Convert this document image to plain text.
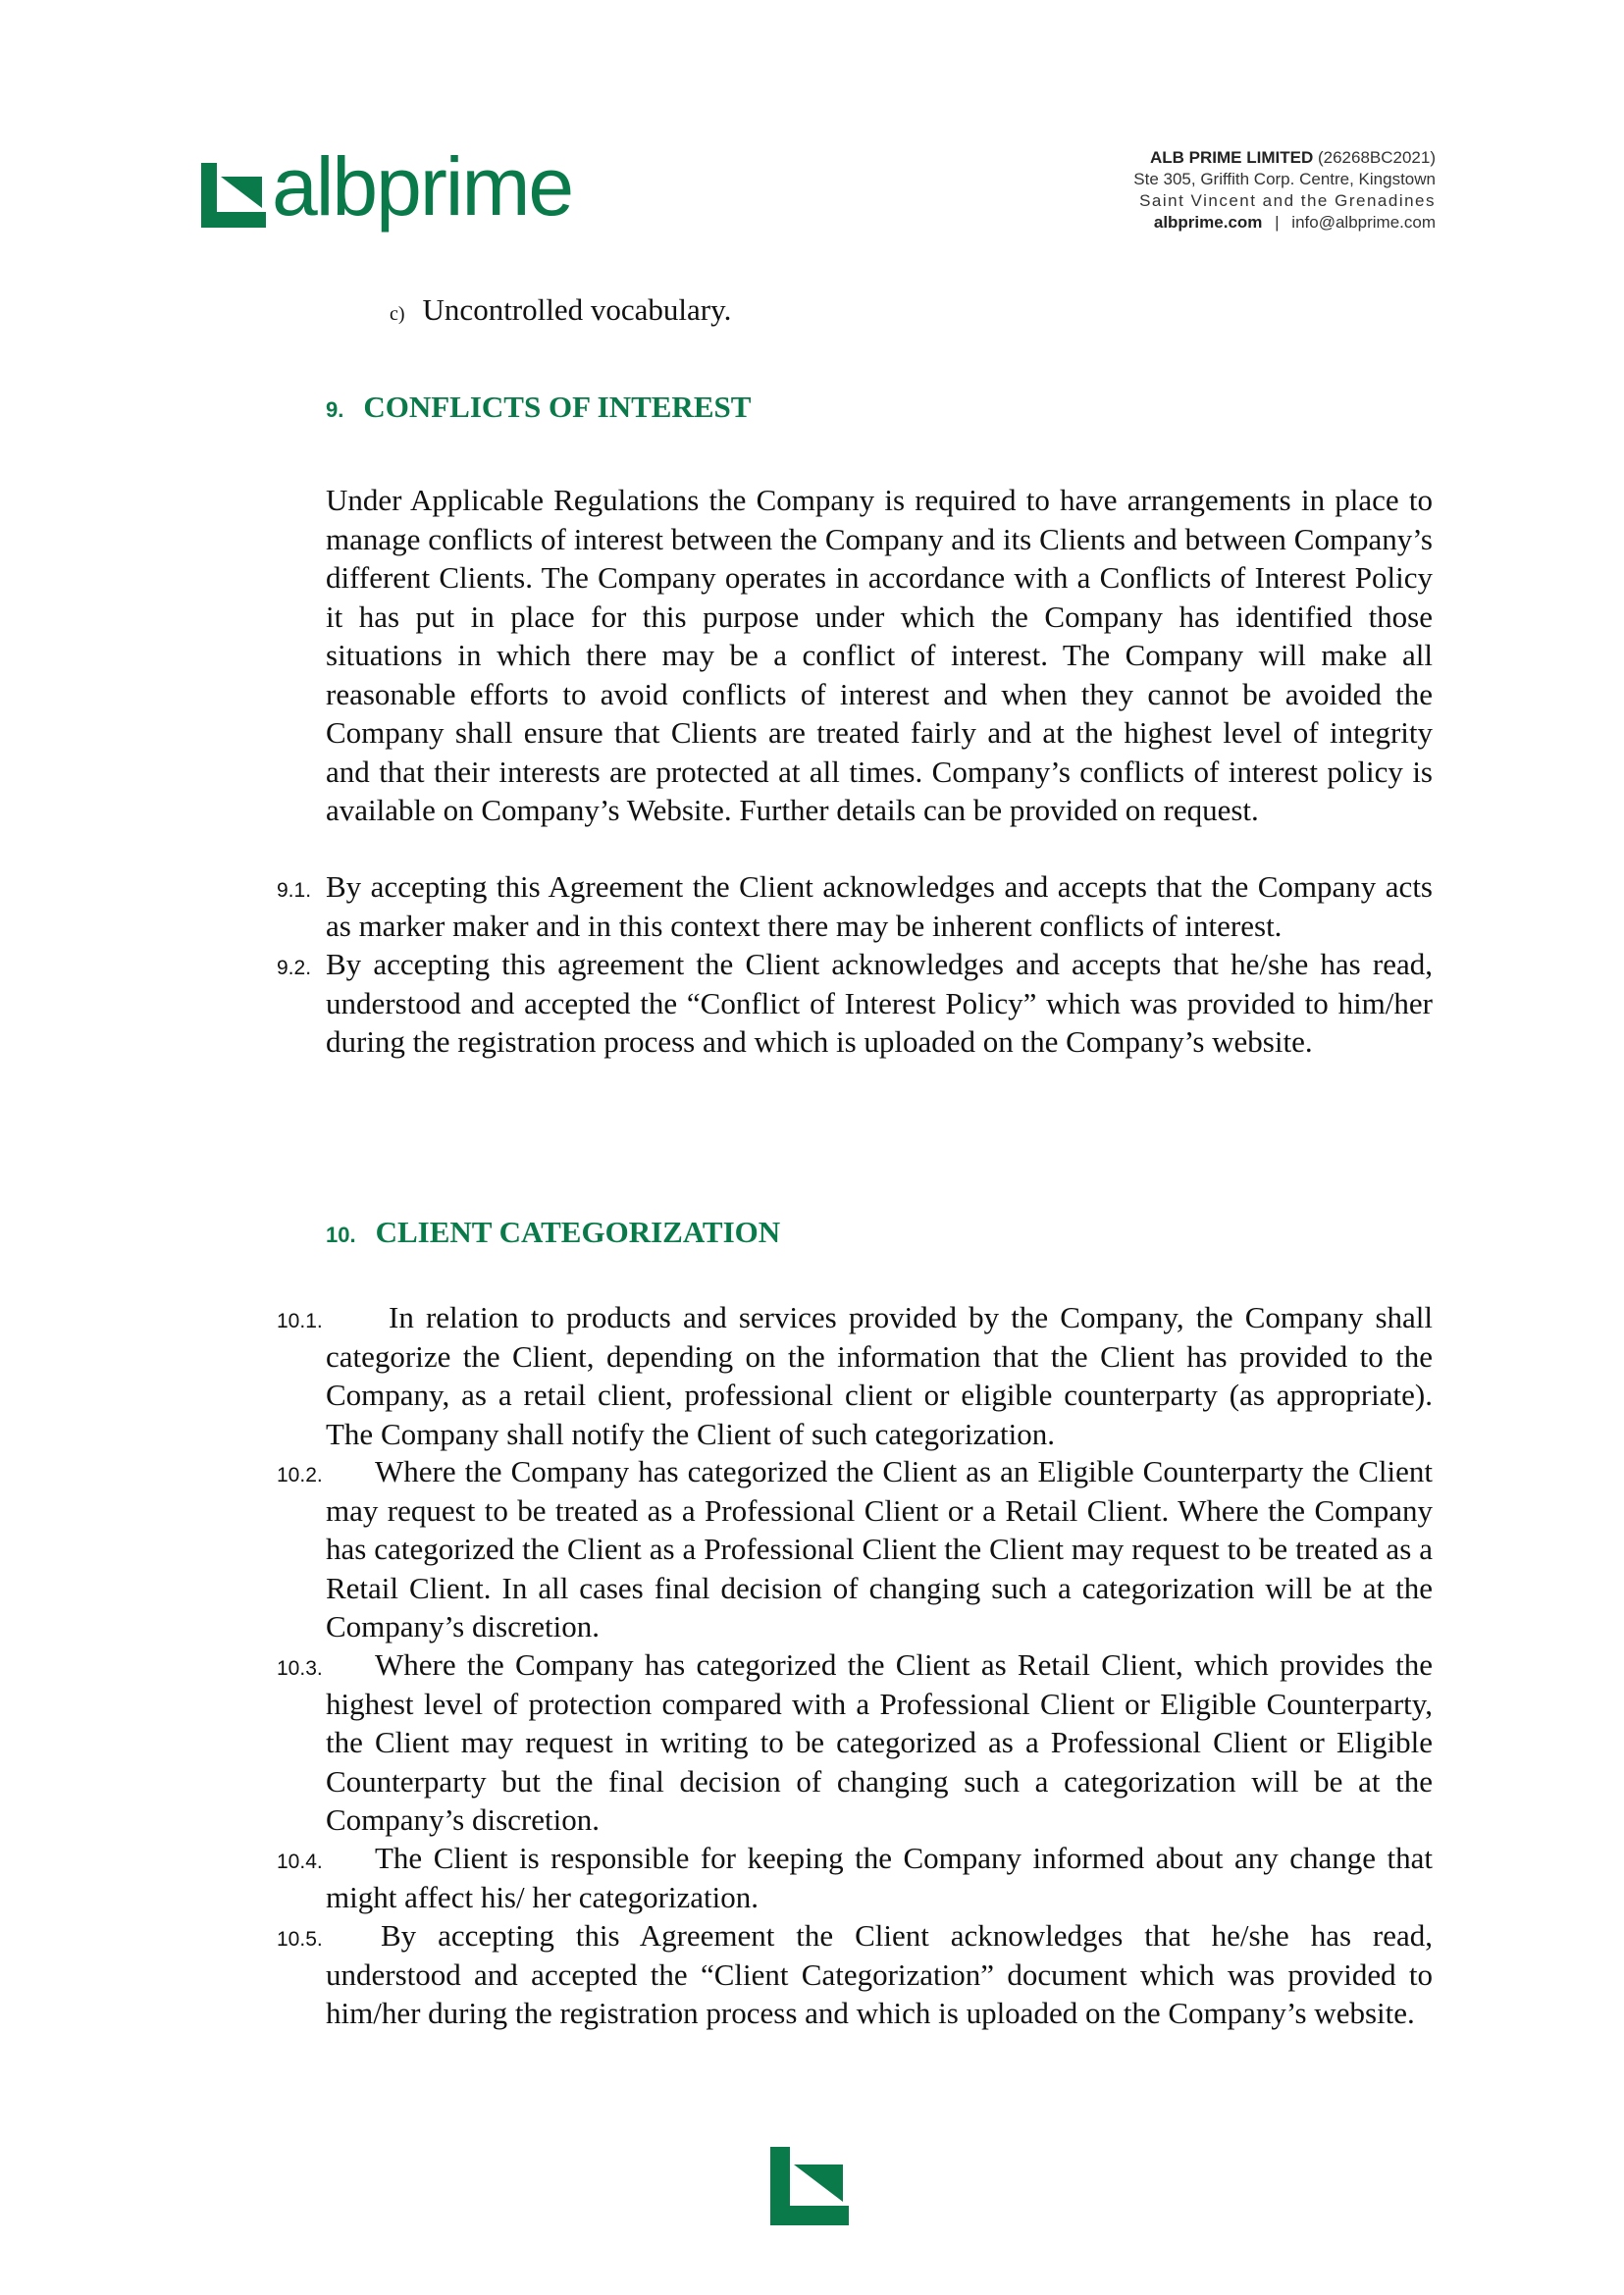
albprime	ALB PRIME LIMITED (26268BC2021)
Ste 305, Griffith Corp. Centre, Kingstown
Saint Vincent and the Grenadines
albprime.com | info@albprime.com
c) Uncontrolled vocabulary.
9. CONFLICTS OF INTEREST
Under Applicable Regulations the Company is required to have arrangements in place to manage conflicts of interest between the Company and its Clients and between Company’s different Clients. The Company operates in accordance with a Conflicts of Interest Policy it has put in place for this purpose under which the Company has identified those situations in which there may be a conflict of interest. The Company will make all reasonable efforts to avoid conflicts of interest and when they cannot be avoided the Company shall ensure that Clients are treated fairly and at the highest level of integrity and that their interests are protected at all times. Company’s conflicts of interest policy is available on Company’s Website. Further details can be provided on request.
9.1. By accepting this Agreement the Client acknowledges and accepts that the Company acts as marker maker and in this context there may be inherent conflicts of interest.
9.2. By accepting this agreement the Client acknowledges and accepts that he/she has read, understood and accepted the “Conflict of Interest Policy” which was provided to him/her during the registration process and which is uploaded on the Company’s website.
10. CLIENT CATEGORIZATION
10.1. In relation to products and services provided by the Company, the Company shall categorize the Client, depending on the information that the Client has provided to the Company, as a retail client, professional client or eligible counterparty (as appropriate). The Company shall notify the Client of such categorization.
10.2. Where the Company has categorized the Client as an Eligible Counterparty the Client may request to be treated as a Professional Client or a Retail Client. Where the Company has categorized the Client as a Professional Client the Client may request to be treated as a Retail Client. In all cases final decision of changing such a categorization will be at the Company’s discretion.
10.3. Where the Company has categorized the Client as Retail Client, which provides the highest level of protection compared with a Professional Client or Eligible Counterparty, the Client may request in writing to be categorized as a Professional Client or Eligible Counterparty but the final decision of changing such a categorization will be at the Company’s discretion.
10.4. The Client is responsible for keeping the Company informed about any change that might affect his/ her categorization.
10.5. By accepting this Agreement the Client acknowledges that he/she has read, understood and accepted the “Client Categorization” document which was provided to him/her during the registration process and which is uploaded on the Company’s website.
